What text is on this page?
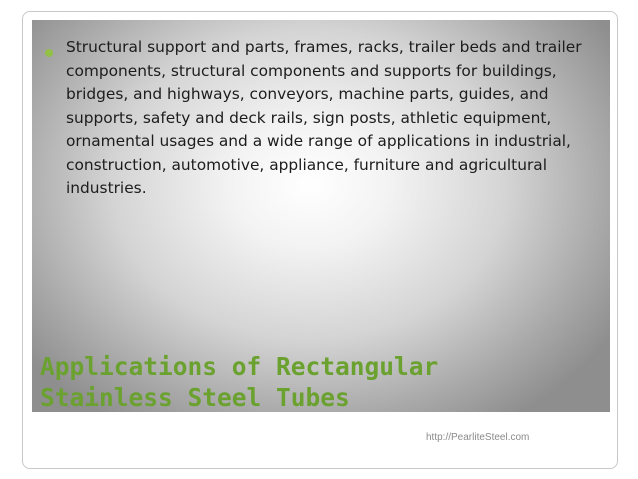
Structural support and parts, frames, racks, trailer beds and trailer components, structural components and supports for buildings, bridges, and highways, conveyors, machine parts, guides, and supports, safety and deck rails, sign posts, athletic equipment, ornamental usages and a wide range of applications in industrial, construction, automotive, appliance, furniture and agricultural industries.

Applications of Rectangular
Stainless Steel Tubes
http://PearliteSteel.com
